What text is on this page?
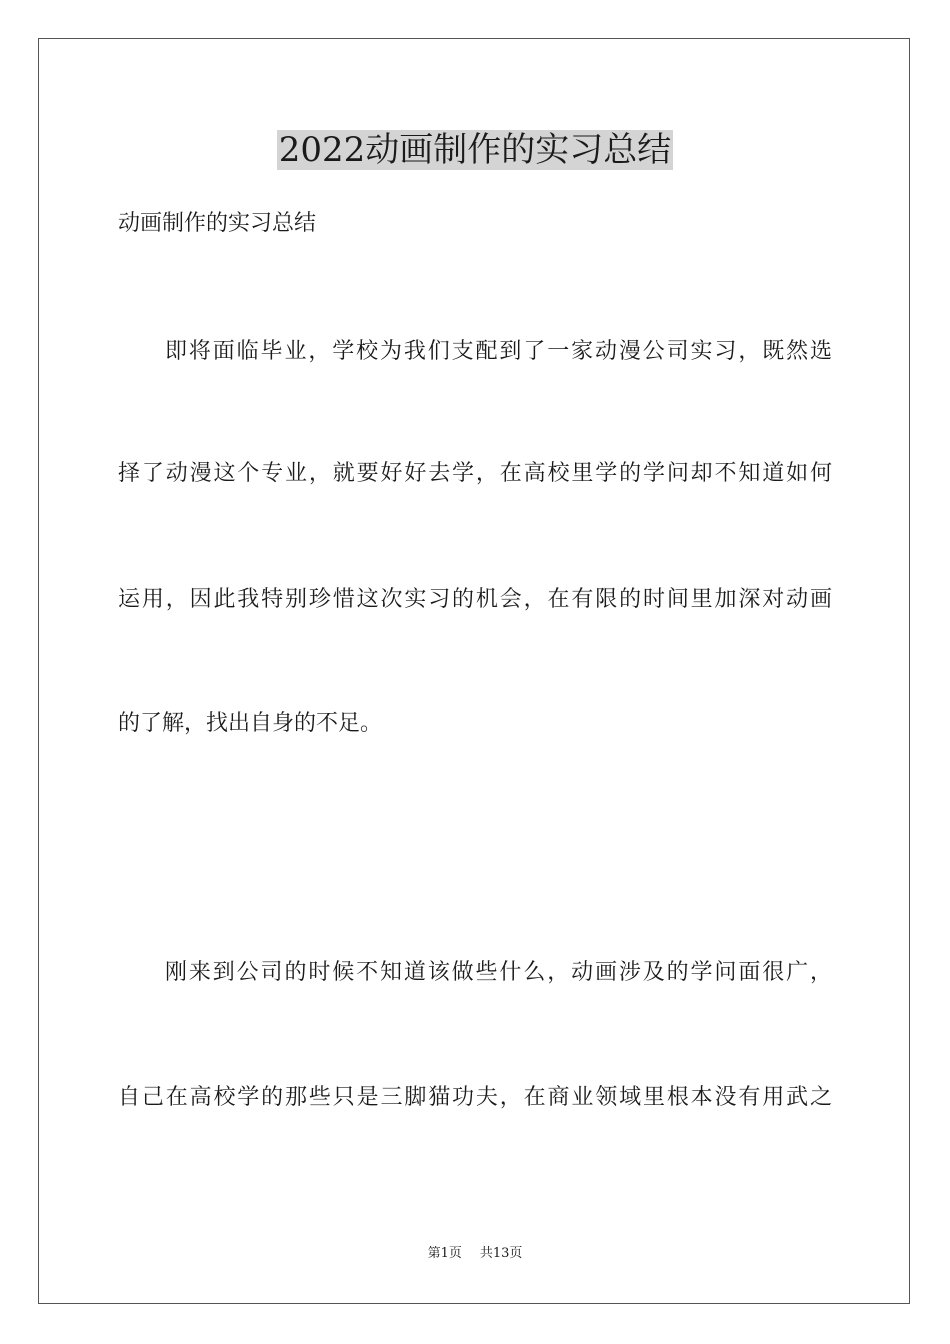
2022动画制作的实习总结

动画制作的实习总结

即将面临毕业，学校为我们支配到了一家动漫公司实习，既然选

择了动漫这个专业，就要好好去学，在高校里学的学问却不知道如何

运用，因此我特别珍惜这次实习的机会，在有限的时间里加深对动画

的了解，找出自身的不足。

刚来到公司的时候不知道该做些什么，动画涉及的学问面很广，

自己在高校学的那些只是三脚猫功夫，在商业领域里根本没有用武之

第1页 共13页
